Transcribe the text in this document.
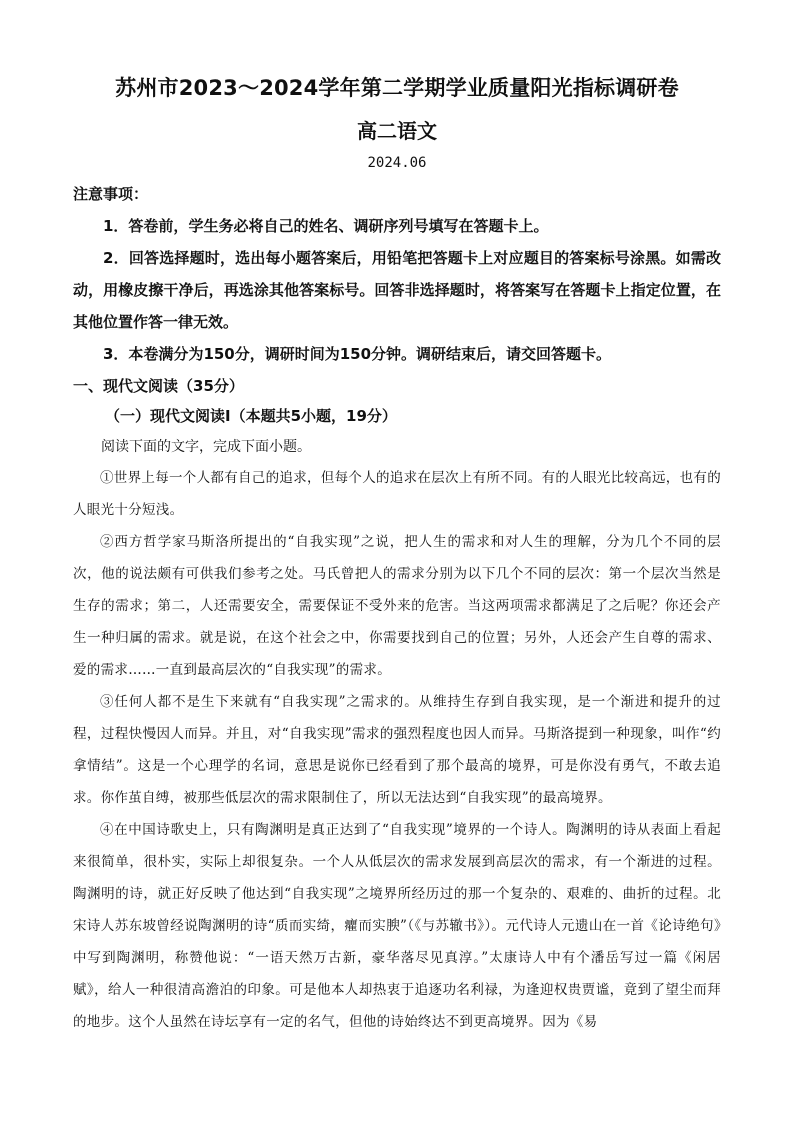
苏州市2023～2024学年第二学期学业质量阳光指标调研卷
高二语文
2024.06
注意事项：

1．答卷前，学生务必将自己的姓名、调研序列号填写在答题卡上。

2．回答选择题时，选出每小题答案后，用铅笔把答题卡上对应题目的答案标号涂黑。如需改动，用橡皮擦干净后，再选涂其他答案标号。回答非选择题时，将答案写在答题卡上指定位置，在其他位置作答一律无效。

3．本卷满分为150分，调研时间为150分钟。调研结束后，请交回答题卡。

一、现代文阅读（35分）
（一）现代文阅读Ⅰ（本题共5小题，19分）

阅读下面的文字，完成下面小题。

①世界上每一个人都有自己的追求，但每个人的追求在层次上有所不同。有的人眼光比较高远，也有的人眼光十分短浅。

②西方哲学家马斯洛所提出的“自我实现”之说，把人生的需求和对人生的理解，分为几个不同的层次，他的说法颇有可供我们参考之处。马氏曾把人的需求分别为以下几个不同的层次：第一个层次当然是生存的需求；第二，人还需要安全，需要保证不受外来的危害。当这两项需求都满足了之后呢？你还会产生一种归属的需求。就是说，在这个社会之中，你需要找到自己的位置；另外，人还会产生自尊的需求、爱的需求……一直到最高层次的“自我实现”的需求。

③任何人都不是生下来就有“自我实现”之需求的。从维持生存到自我实现，是一个渐进和提升的过程，过程快慢因人而异。并且，对“自我实现”需求的强烈程度也因人而异。马斯洛提到一种现象，叫作“约拿情结”。这是一个心理学的名词，意思是说你已经看到了那个最高的境界，可是你没有勇气，不敢去追求。你作茧自缚，被那些低层次的需求限制住了，所以无法达到“自我实现”的最高境界。

④在中国诗歌史上，只有陶渊明是真正达到了“自我实现”境界的一个诗人。陶渊明的诗从表面上看起来很简单，很朴实，实际上却很复杂。一个人从低层次的需求发展到高层次的需求，有一个渐进的过程。陶渊明的诗，就正好反映了他达到“自我实现”之境界所经历过的那一个复杂的、艰难的、曲折的过程。北宋诗人苏东坡曾经说陶渊明的诗“质而实绮，癯而实腴”（《与苏辙书》）。元代诗人元遗山在一首《论诗绝句》中写到陶渊明，称赞他说：“一语天然万古新，豪华落尽见真淳。”太康诗人中有个潘岳写过一篇《闲居赋》，给人一种很清高澹泊的印象。可是他本人却热衷于追逐功名利禄，为逢迎权贵贾谧，竟到了望尘而拜的地步。这个人虽然在诗坛享有一定的名气，但他的诗始终达不到更高境界。因为《易
